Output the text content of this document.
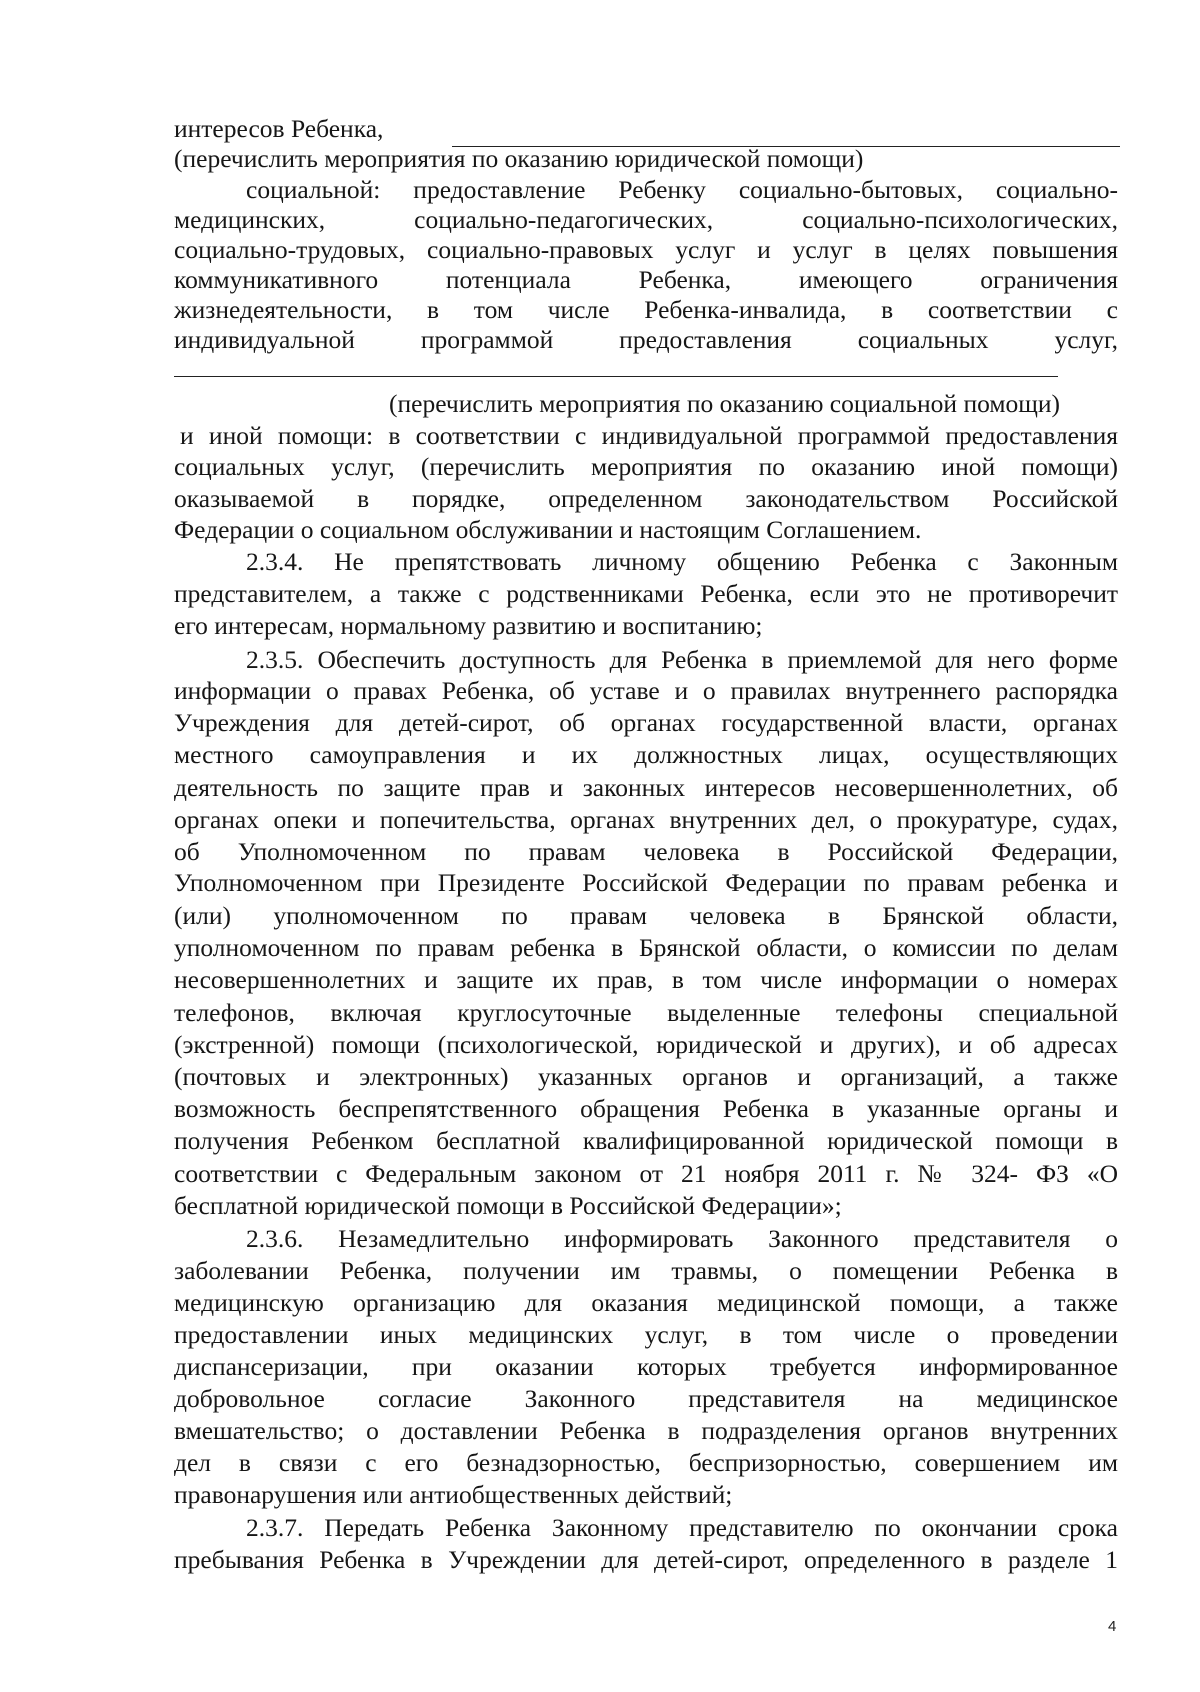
интересов Ребенка,
(перечислить мероприятия по оказанию юридической помощи)
социальной: предоставление Ребенку социально-бытовых, социально-
медицинских, социально-педагогических, социально-психологических,
социально-трудовых, социально-правовых услуг и услуг в целях повышения
коммуникативного потенциала Ребенка, имеющего ограничения
жизнедеятельности, в том числе Ребенка-инвалида, в соответствии с
индивидуальной программой предоставления социальных услуг,
(перечислить мероприятия по оказанию социальной помощи)
и иной помощи: в соответствии с индивидуальной программой предоставления
социальных услуг, (перечислить мероприятия по оказанию иной помощи)
оказываемой в порядке, определенном законодательством Российской
Федерации о социальном обслуживании и настоящим Соглашением.
2.3.4. Не препятствовать личному общению Ребенка с Законным
представителем, а также с родственниками Ребенка, если это не противоречит
его интересам, нормальному развитию и воспитанию;
2.3.5. Обеспечить доступность для Ребенка в приемлемой для него форме
информации о правах Ребенка, об уставе и о правилах внутреннего распорядка
Учреждения для детей-сирот, об органах государственной власти, органах
местного самоуправления и их должностных лицах, осуществляющих
деятельность по защите прав и законных интересов несовершеннолетних, об
органах опеки и попечительства, органах внутренних дел, о прокуратуре, судах,
об Уполномоченном по правам человека в Российской Федерации,
Уполномоченном при Президенте Российской Федерации по правам ребенка и
(или) уполномоченном по правам человека в Брянской области,
уполномоченном по правам ребенка в Брянской области, о комиссии по делам
несовершеннолетних и защите их прав, в том числе информации о номерах
телефонов, включая круглосуточные выделенные телефоны специальной
(экстренной) помощи (психологической, юридической и других), и об адресах
(почтовых и электронных) указанных органов и организаций, а также
возможность беспрепятственного обращения Ребенка в указанные органы и
получения Ребенком бесплатной квалифицированной юридической помощи в
соответствии с Федеральным законом от 21 ноября 2011 г. № 324- ФЗ «О
бесплатной юридической помощи в Российской Федерации»;
2.3.6. Незамедлительно информировать Законного представителя о
заболевании Ребенка, получении им травмы, о помещении Ребенка в
медицинскую организацию для оказания медицинской помощи, а также
предоставлении иных медицинских услуг, в том числе о проведении
диспансеризации, при оказании которых требуется информированное
добровольное согласие Законного представителя на медицинское
вмешательство; о доставлении Ребенка в подразделения органов внутренних
дел в связи с его безнадзорностью, беспризорностью, совершением им
правонарушения или антиобщественных действий;
2.3.7. Передать Ребенка Законному представителю по окончании срока
пребывания Ребенка в Учреждении для детей-сирот, определенного в разделе 1
4
